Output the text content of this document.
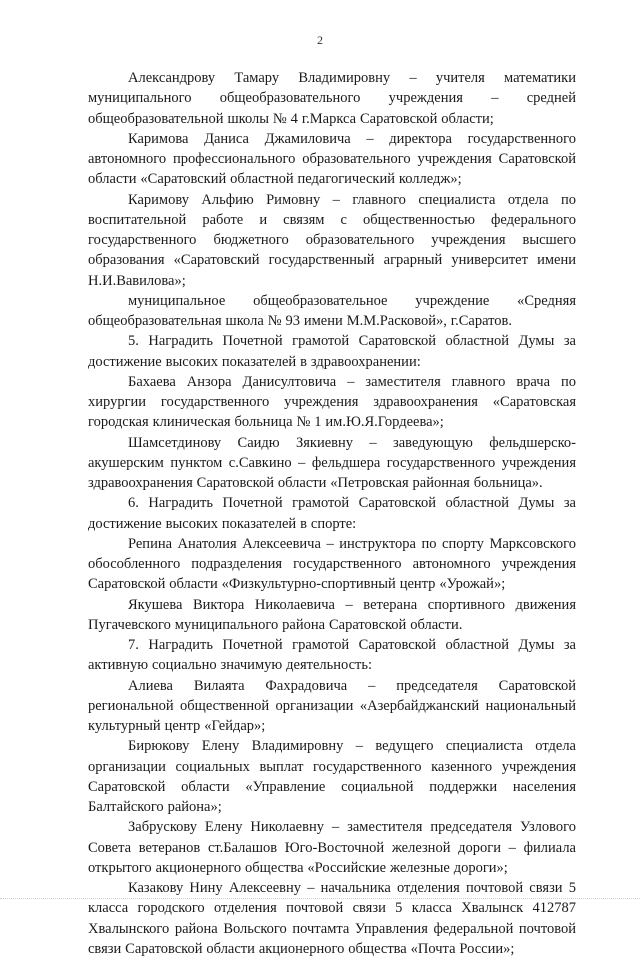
2

Александрову Тамару Владимировну – учителя математики муниципального общеобразовательного учреждения – средней общеобразовательной школы № 4 г.Маркса Саратовской области;

Каримова Даниса Джамиловича – директора государственного автономного профессионального образовательного учреждения Саратовской области «Саратовский областной педагогический колледж»;

Каримову Альфию Римовну – главного специалиста отдела по воспитательной работе и связям с общественностью федерального государственного бюджетного образовательного учреждения высшего образования «Саратовский государственный аграрный университет имени Н.И.Вавилова»;

муниципальное общеобразовательное учреждение «Средняя общеобразовательная школа № 93 имени М.М.Расковой», г.Саратов.

5. Наградить Почетной грамотой Саратовской областной Думы за достижение высоких показателей в здравоохранении:

Бахаева Анзора Данисултовича – заместителя главного врача по хирургии государственного учреждения здравоохранения «Саратовская городская клиническая больница № 1 им.Ю.Я.Гордеева»;

Шамсетдинову Саидю Зякиевну – заведующую фельдшерско-акушерским пунктом с.Савкино – фельдшера государственного учреждения здравоохранения Саратовской области «Петровская районная больница».

6. Наградить Почетной грамотой Саратовской областной Думы за достижение высоких показателей в спорте:

Репина Анатолия Алексеевича – инструктора по спорту Марксовского обособленного подразделения государственного автономного учреждения Саратовской области «Физкультурно-спортивный центр «Урожай»;

Якушева Виктора Николаевича – ветерана спортивного движения Пугачевского муниципального района Саратовской области.

7. Наградить Почетной грамотой Саратовской областной Думы за активную социально значимую деятельность:

Алиева Вилаята Фахрадовича – председателя Саратовской региональной общественной организации «Азербайджанский национальный культурный центр «Гейдар»;

Бирюкову Елену Владимировну – ведущего специалиста отдела организации социальных выплат государственного казенного учреждения Саратовской области «Управление социальной поддержки населения Балтайского района»;

Забрускову Елену Николаевну – заместителя председателя Узлового Совета ветеранов ст.Балашов Юго-Восточной железной дороги – филиала открытого акционерного общества «Российские железные дороги»;

Казакову Нину Алексеевну – начальника отделения почтовой связи 5 класса городского отделения почтовой связи 5 класса Хвалынск 412787 Хвалынского района Вольского почтамта Управления федеральной почтовой связи Саратовской области акционерного общества «Почта России»;
